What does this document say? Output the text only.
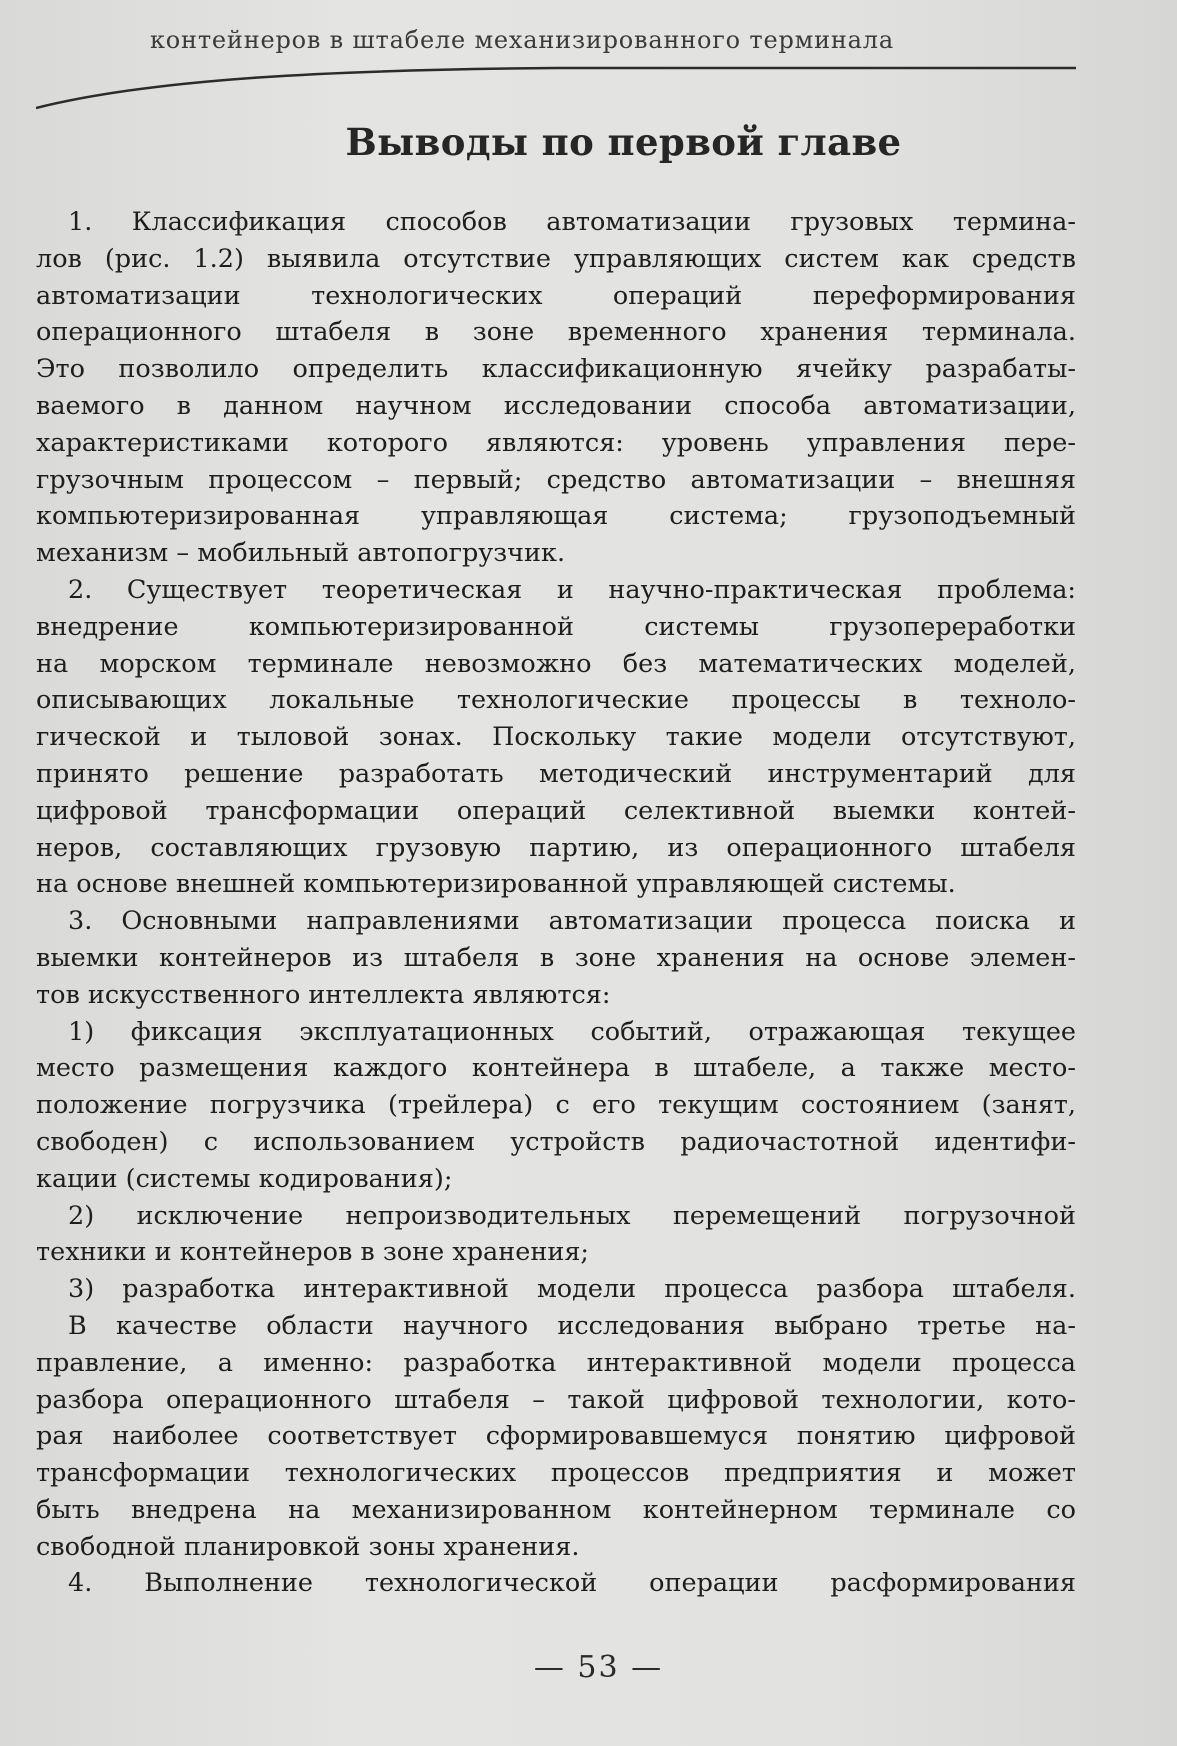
контейнеров в штабеле механизированного терминала
Выводы по первой главе
1. Классификация способов автоматизации грузовых термина-
лов (рис. 1.2) выявила отсутствие управляющих систем как средств
автоматизации технологических операций переформирования
операционного штабеля в зоне временного хранения терминала.
Это позволило определить классификационную ячейку разрабаты-
ваемого в данном научном исследовании способа автоматизации,
характеристиками которого являются: уровень управления пере-
грузочным процессом – первый; средство автоматизации – внешняя
компьютеризированная управляющая система; грузоподъемный
механизм – мобильный автопогрузчик.
2. Существует теоретическая и научно-практическая проблема:
внедрение компьютеризированной системы грузопереработки
на морском терминале невозможно без математических моделей,
описывающих локальные технологические процессы в техноло-
гической и тыловой зонах. Поскольку такие модели отсутствуют,
принято решение разработать методический инструментарий для
цифровой трансформации операций селективной выемки контей-
неров, составляющих грузовую партию, из операционного штабеля
на основе внешней компьютеризированной управляющей системы.
3. Основными направлениями автоматизации процесса поиска и
выемки контейнеров из штабеля в зоне хранения на основе элемен-
тов искусственного интеллекта являются:
1) фиксация эксплуатационных событий, отражающая текущее
место размещения каждого контейнера в штабеле, а также место-
положение погрузчика (трейлера) с его текущим состоянием (занят,
свободен) с использованием устройств радиочастотной идентифи-
кации (системы кодирования);
2) исключение непроизводительных перемещений погрузочной
техники и контейнеров в зоне хранения;
3) разработка интерактивной модели процесса разбора штабеля.
В качестве области научного исследования выбрано третье на-
правление, а именно: разработка интерактивной модели процесса
разбора операционного штабеля – такой цифровой технологии, кото-
рая наиболее соответствует сформировавшемуся понятию цифровой
трансформации технологических процессов предприятия и может
быть внедрена на механизированном контейнерном терминале со
свободной планировкой зоны хранения.
4. Выполнение технологической операции расформирования
— 53 —
